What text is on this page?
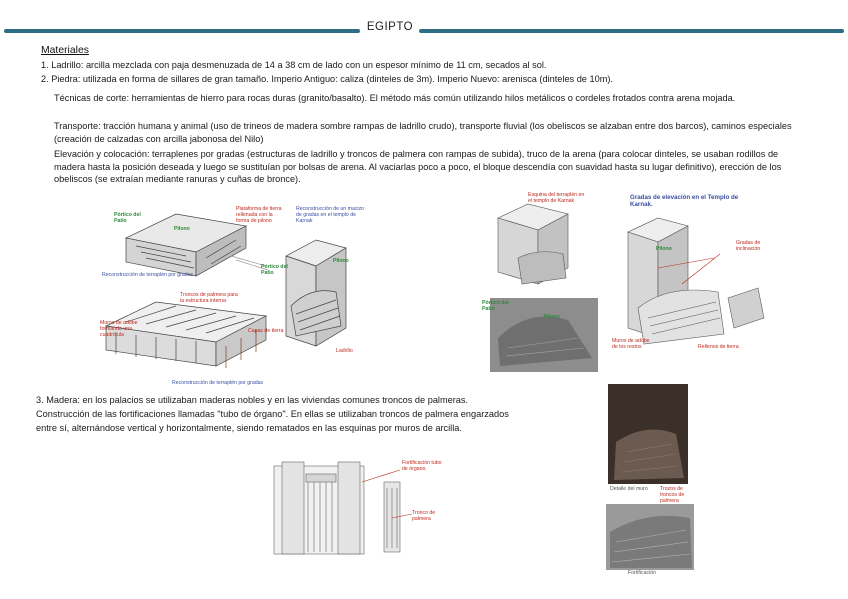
EGIPTO
Materiales
1. Ladrillo: arcilla mezclada con paja desmenuzada de 14 a 38 cm de lado con un espesor mínimo de 11 cm, secados al sol.
2. Piedra: utilizada en forma de sillares de gran tamaño. Imperio Antiguo: caliza (dinteles de 3m). Imperio Nuevo: arenisca (dinteles de 10m).
Técnicas de corte: herramientas de hierro para rocas duras (granito/basalto). El método más común utilizando hilos metálicos o cordeles frotados contra arena mojada.
Transporte: tracción humana y animal (uso de trineos de madera sombre rampas de ladrillo crudo), transporte fluvial (los obeliscos se alzaban entre dos barcos), caminos especiales (creación de calzadas con arcilla jabonosa del Nilo)
Elevación y colocación: terraplenes por gradas (estructuras de ladrillo y troncos de palmera con rampas de subida), truco de la arena (para colocar dinteles, se usaban rodillos de madera hasta la posición deseada y luego se sustituían por bolsas de arena. Al vaciarlas poco a poco, el bloque descendía con suavidad hasta su lugar definitivo), erección de los obeliscos (se extraían mediante ranuras y cuñas de bronce).
Pórtico del Patio
Pilono
Plataforma de tierra rellenada con la forma de pilono
Reconstrucción de un macizo de gradas en el templo de Karnak
Reconstrucción de terraplén por gradas
Pórtico del Patio
Pilono
Troncos de palmera para la estructura interna
Muros de adobe formando una cuadrícula
Capas de tierra
Ladrillo
Reconstrucción de terraplén por gradas
Esquina del terraplén en el templo de Karnak	Gradas de elevación en el Templo de Karnak.
Pórtico del Patio
Pilono
Pilono
Gradas de inclinación
Muros de adobe de los restos	Rellenos de tierra
3. Madera: en los palacios se utilizaban maderas nobles y en las viviendas comunes troncos de palmeras.
Construcción de las fortificaciones llamadas "tubo de órgano". En ellas se utilizaban troncos de palmera engarzados
entre sí, alternándose vertical y horizontalmente, siendo rematados en las esquinas por muros de arcilla.
Fortificación tubo de órgano.
Tronco de palmera
Detalle del muro	Trozos de troncos de palmera
Fortificación
